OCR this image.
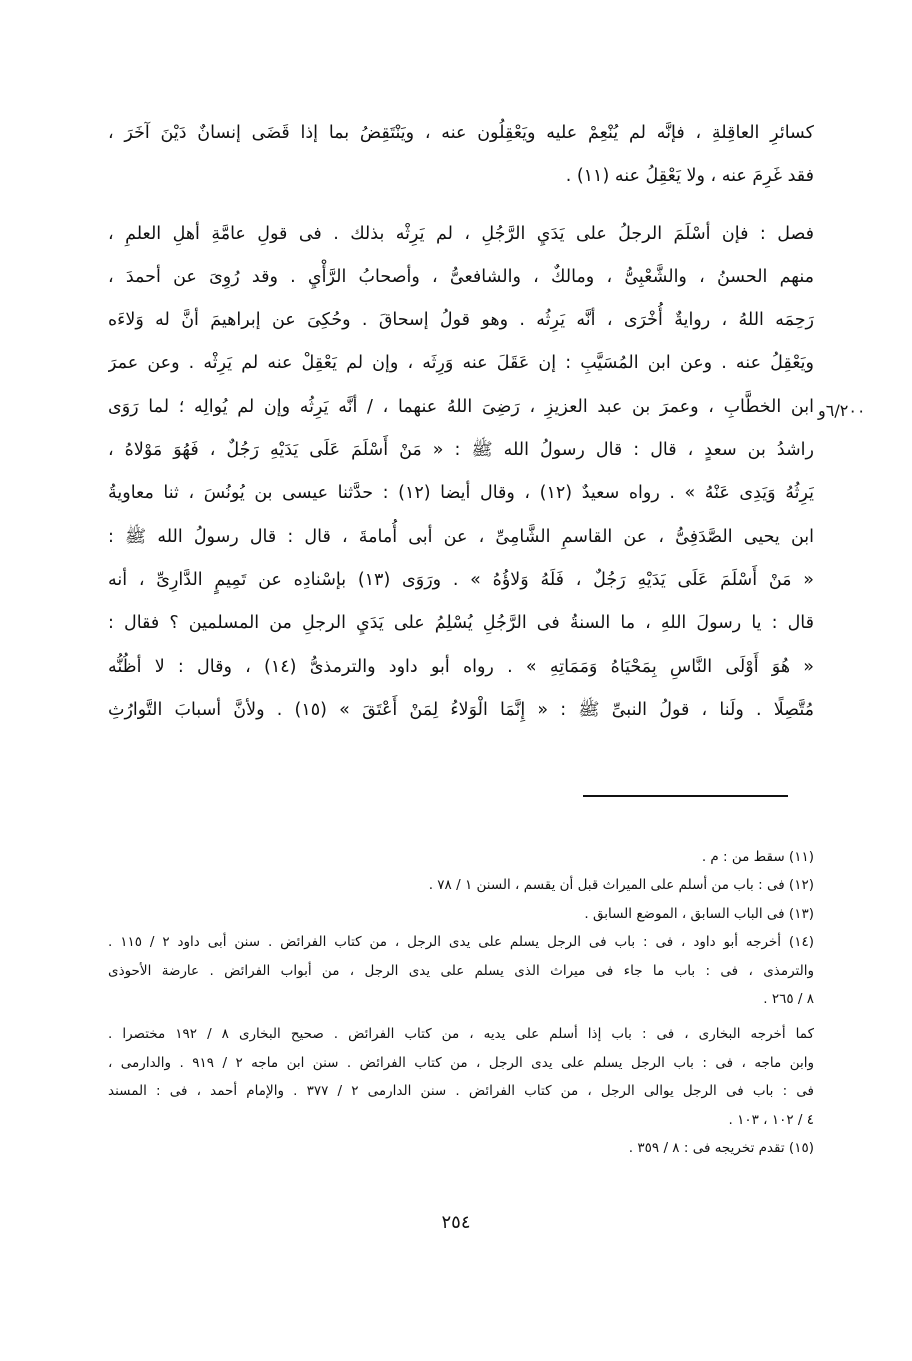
كسائرِ العاقِلةِ ، فإنَّه لم يُنْعِمْ عليه ويَعْقِلُون عنه ، ويَنْتَقِضُ بما إذا قَضَى إنسانٌ دَيْنَ آخَرَ ،
فقد غَرِمَ عنه ، ولا يَعْقِلُ عنه (١١) .
فصل : فإن أسْلَمَ الرجلُ على يَدَيِ الرَّجُلِ ، لم يَرِثْه بذلك . فى قولِ عامَّةِ أهلِ العلمِ ،
منهم الحسنُ ، والشَّعْبِىُّ ، ومالكٌ ، والشافعىُّ ، وأصحابُ الرَّأْيِ . وقد رُوِىَ عن أحمدَ ،
رَحِمَه اللهُ ، روايةٌ أُخْرَى ، أنَّه يَرِثُه . وهو قولُ إسحاقَ . وحُكِىَ عن إبراهيمَ أنَّ له وَلاءَه
ويَعْقِلُ عنه . وعن ابن المُسَيَّبِ : إن عَقَلَ عنه وَرِثَه ، وإن لم يَعْقِلْ عنه لم يَرِثْه . وعن عمرَ
ابن الخطَّابِ ، وعمرَ بن عبد العزيزِ ، رَضِىَ اللهُ عنهما ، / أنَّه يَرِثُه وإن لم يُوالِه ؛ لما رَوَى
راشدُ بن سعدٍ ، قال : قال رسولُ الله ﷺ : « مَنْ أَسْلَمَ عَلَى يَدَيْهِ رَجُلٌ ، فَهُوَ مَوْلاهُ ،
يَرِثُهُ وَيَدِى عَنْهُ » . رواه سعيدٌ (١٢) ، وقال أيضا (١٢) : حدَّثنا عيسى بن يُونُسَ ، ثنا معاويةُ
ابن يحيى الصَّدَفِىُّ ، عن القاسمِ الشَّامِىِّ ، عن أبى أُمامةَ ، قال : قال رسولُ الله ﷺ :
« مَنْ أَسْلَمَ عَلَى يَدَيْهِ رَجُلٌ ، فَلَهُ وَلاؤُهُ » . ورَوَى (١٣) بإسْنادِه عن تَمِيمٍ الدَّارِىِّ ، أنه
قال : يا رسولَ اللهِ ، ما السنةُ فى الرَّجُلِ يُسْلِمُ على يَدَيِ الرجلِ من المسلمين ؟ فقال :
« هُوَ أَوْلَى النَّاسِ بِمَحْيَاهُ وَمَمَاتِهِ » . رواه أبو داود والترمذىُّ (١٤) ، وقال : لا أظُنُّه
مُتَّصِلًا . ولَنا ، قولُ النبىِّ ﷺ : « إِنَّمَا الْوَلاءُ لِمَنْ أَعْتَقَ » (١٥) . ولأنَّ أسبابَ التَّوارُثِ
٦/٢٠٠و
(١١) سقط من : م .
(١٢) فى : باب من أسلم على الميراث قبل أن يقسم ، السنن ١ / ٧٨ .
(١٣) فى الباب السابق ، الموضع السابق .
(١٤) أخرجه أبو داود ، فى : باب فى الرجل يسلم على يدى الرجل ، من كتاب الفرائض . سنن أبى داود ٢ / ١١٥ .
والترمذى ، فى : باب ما جاء فى ميراث الذى يسلم على يدى الرجل ، من أبواب الفرائض . عارضة الأحوذى
٨ / ٢٦٥ .
كما أخرجه البخارى ، فى : باب إذا أسلم على يديه ، من كتاب الفرائض . صحيح البخارى ٨ / ١٩٢ مختصرا .
وابن ماجه ، فى : باب الرجل يسلم على يدى الرجل ، من كتاب الفرائض . سنن ابن ماجه ٢ / ٩١٩ . والدارمى ،
فى : باب فى الرجل يوالى الرجل ، من كتاب الفرائض . سنن الدارمى ٢ / ٣٧٧ . والإمام أحمد ، فى : المسند
٤ / ١٠٢ ، ١٠٣ .
(١٥) تقدم تخريجه فى : ٨ / ٣٥٩ .
٢٥٤
